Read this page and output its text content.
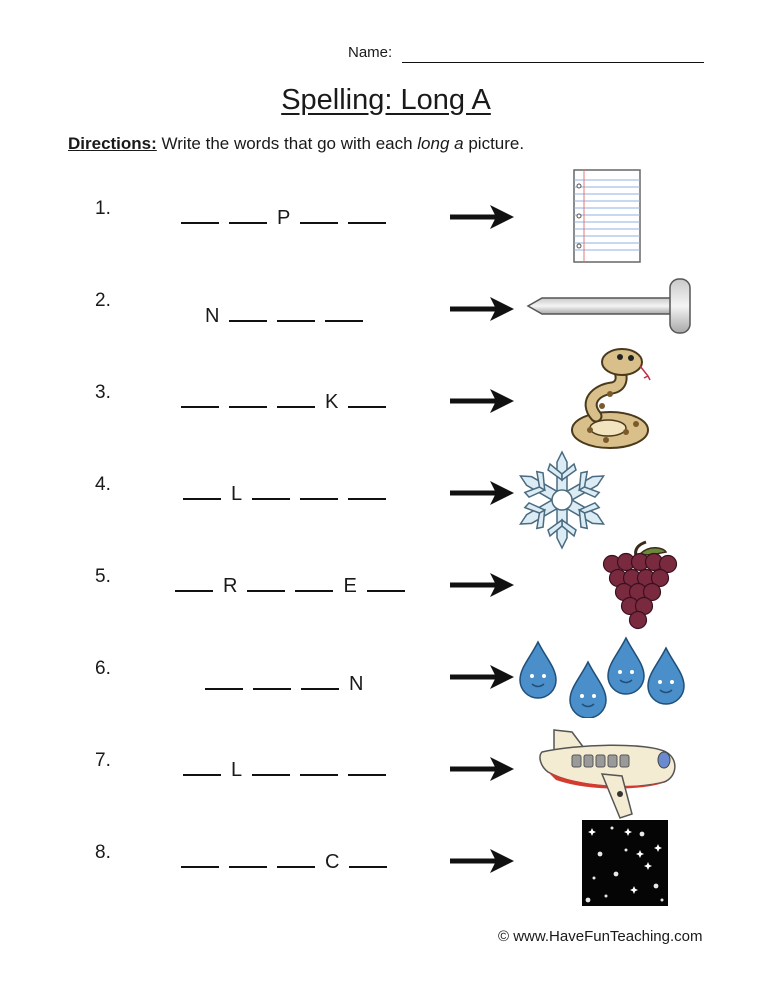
Name:
Spelling: Long A
Directions: Write the words that go with each long a picture.
1.	P
2.
N
3.	K
4.	L
5.	R	E
6.
N
7.	L
8.	C
© www.HaveFunTeaching.com
